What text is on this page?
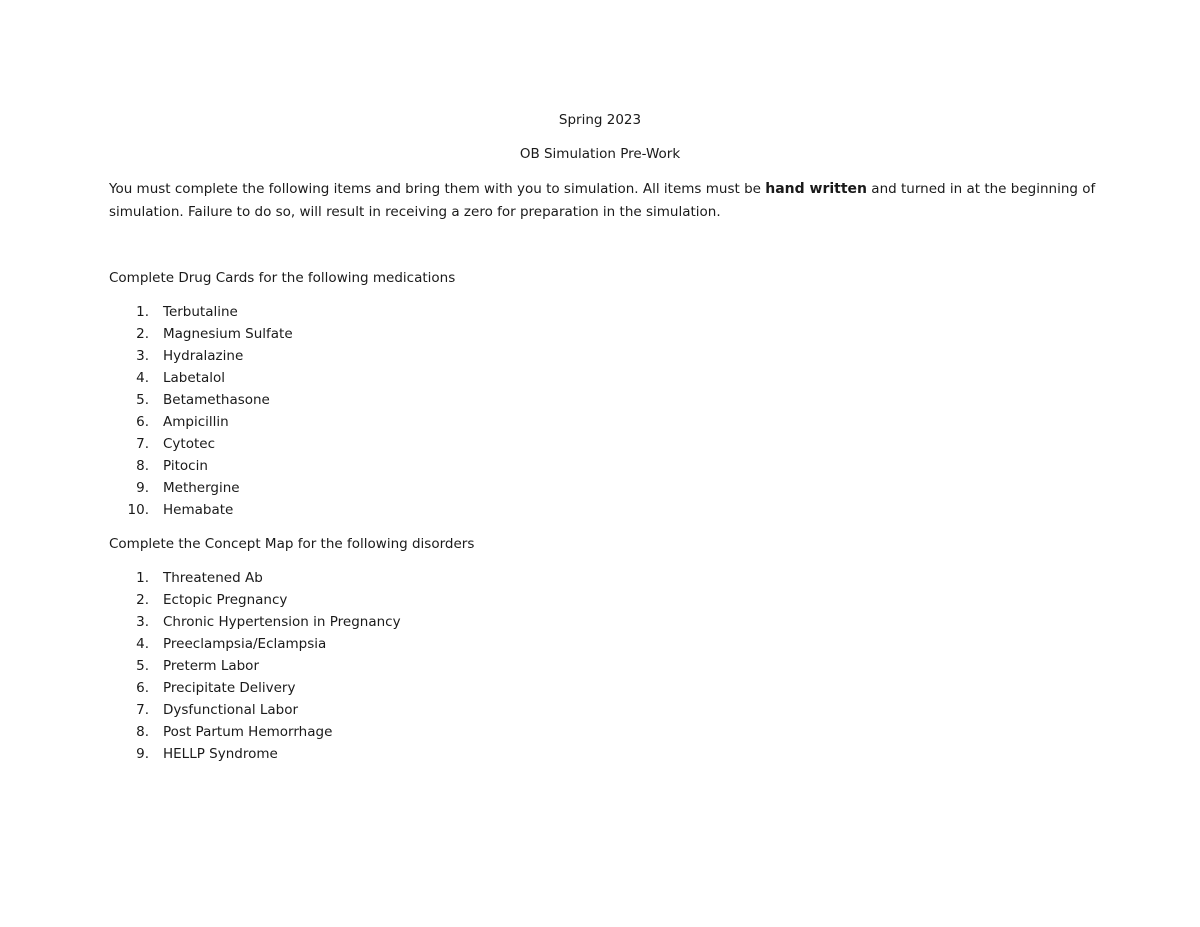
Spring 2023
OB Simulation Pre-Work
You must complete the following items and bring them with you to simulation. All items must be hand written and turned in at the beginning of simulation. Failure to do so, will result in receiving a zero for preparation in the simulation.
Complete Drug Cards for the following medications
1. Terbutaline
2. Magnesium Sulfate
3. Hydralazine
4. Labetalol
5. Betamethasone
6. Ampicillin
7. Cytotec
8. Pitocin
9. Methergine
10. Hemabate
Complete the Concept Map for the following disorders
1. Threatened Ab
2. Ectopic Pregnancy
3. Chronic Hypertension in Pregnancy
4. Preeclampsia/Eclampsia
5. Preterm Labor
6. Precipitate Delivery
7. Dysfunctional Labor
8. Post Partum Hemorrhage
9. HELLP Syndrome
